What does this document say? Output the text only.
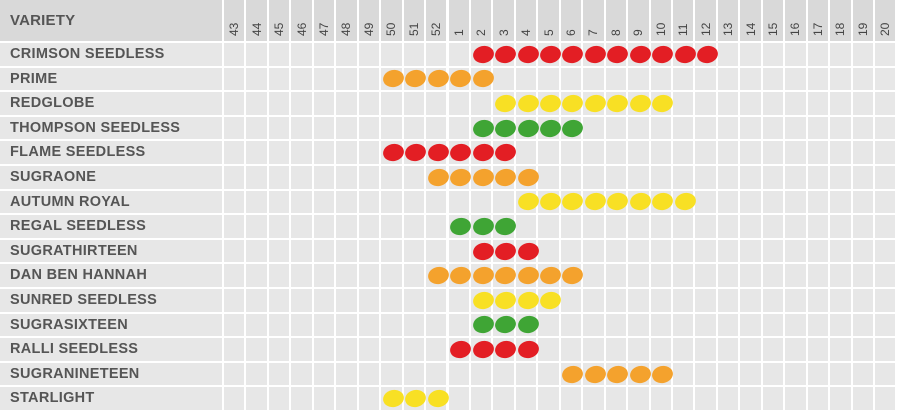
VARIETY
43 44 45 46 47 48 49 50 51 52 1 2 3 4 5 6 7 8 9 10 11 12 13 14 15 16 17 18 19 20
CRIMSON SEEDLESS
PRIME
REDGLOBE
THOMPSON SEEDLESS
FLAME SEEDLESS
SUGRAONE
AUTUMN ROYAL
REGAL SEEDLESS
SUGRATHIRTEEN
DAN BEN HANNAH
SUNRED SEEDLESS
SUGRASIXTEEN
RALLI SEEDLESS
SUGRANINETEEN
STARLIGHT
